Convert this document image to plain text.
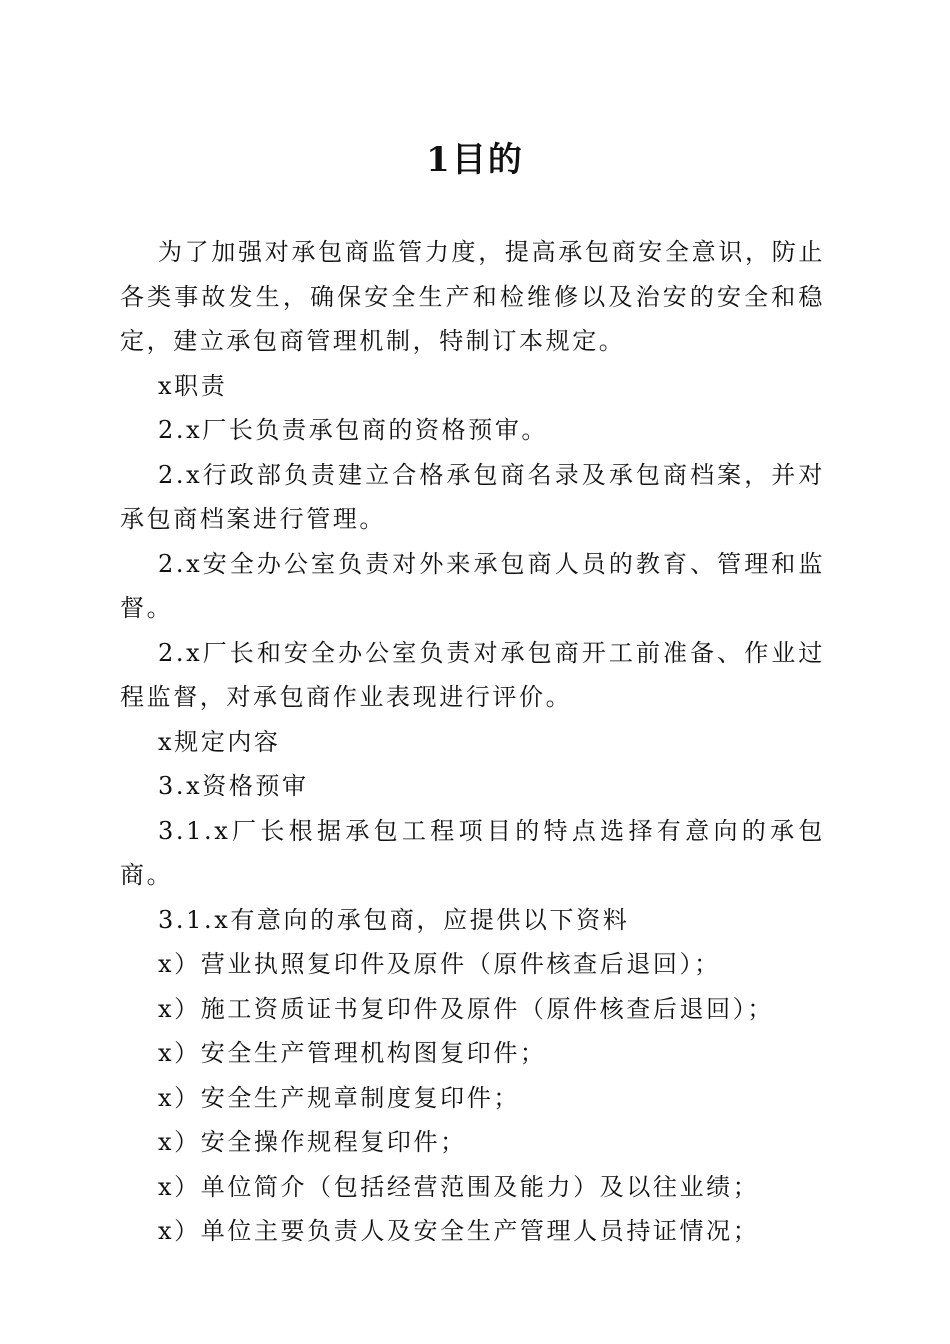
1目的

为了加强对承包商监管力度，提高承包商安全意识，防止各类事故发生，确保安全生产和检维修以及治安的安全和稳定，建立承包商管理机制，特制订本规定。

x职责

2.x厂长负责承包商的资格预审。

2.x行政部负责建立合格承包商名录及承包商档案，并对承包商档案进行管理。

2.x安全办公室负责对外来承包商人员的教育、管理和监督。

2.x厂长和安全办公室负责对承包商开工前准备、作业过程监督，对承包商作业表现进行评价。

x规定内容

3.x资格预审

3.1.x厂长根据承包工程项目的特点选择有意向的承包商。

3.1.x有意向的承包商，应提供以下资料

x）营业执照复印件及原件（原件核查后退回）；

x）施工资质证书复印件及原件（原件核查后退回）；

x）安全生产管理机构图复印件；

x）安全生产规章制度复印件；

x）安全操作规程复印件；

x）单位简介（包括经营范围及能力）及以往业绩；

x）单位主要负责人及安全生产管理人员持证情况；
